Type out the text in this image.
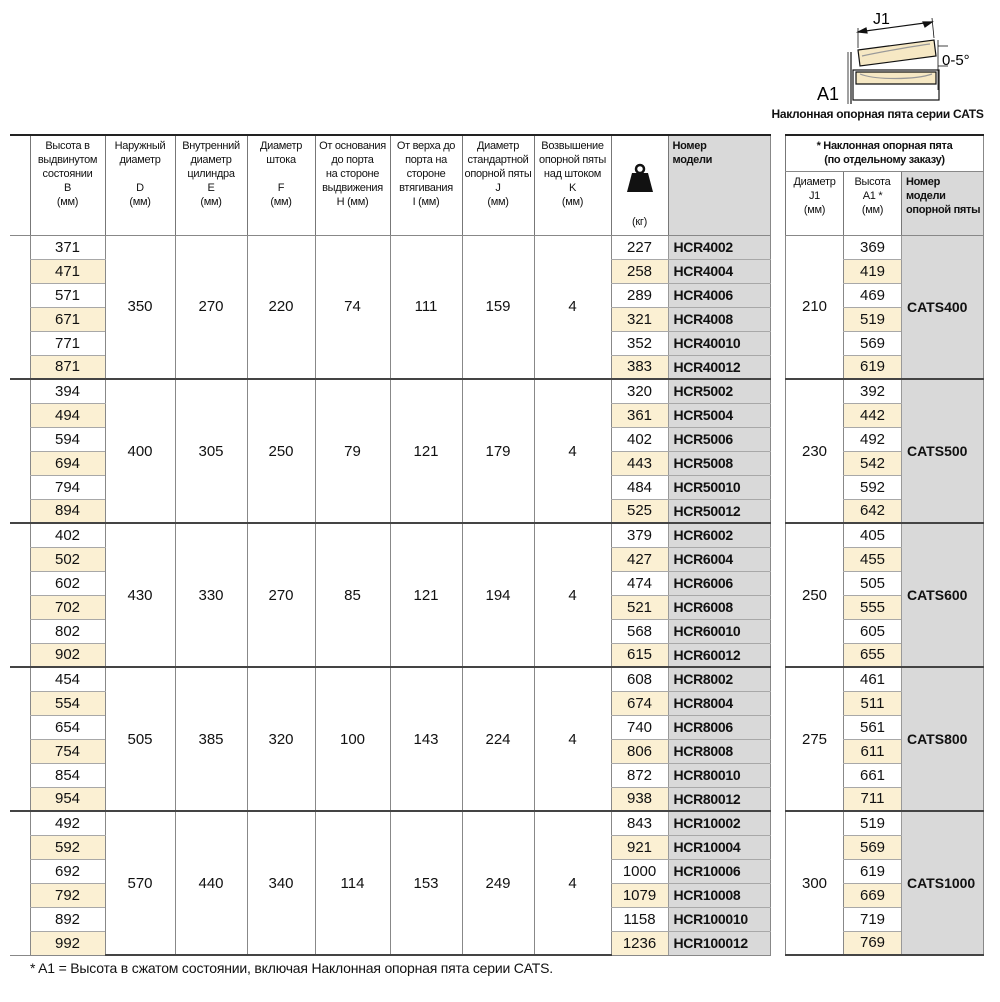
J1
0-5°
A1
Наклонная опорная пята серии CATS

	Высота в
выдвинутом
состоянии
B
(мм)	Наружный
диаметр

D
(мм)	Внутренний
диаметр
цилиндра
E
(мм)	Диаметр
штока

F
(мм)	От основания
до порта
на стороне
выдвижения
H (мм)	От верха до
порта на
стороне
втягивания
I (мм)	Диаметр
стандартной
опорной пяты
J
(мм)	Возвышение
опорной пяты
над штоком
K
(мм)	(кг)	Номер
модели

	371	350	270	220	74	111	159	4	227	HCR4002
	471								258	HCR4004
	571								289	HCR4006
	671								321	HCR4008
	771								352	HCR40010
	871								383	HCR40012
	394	400	305	250	79	121	179	4	320	HCR5002
	494								361	HCR5004
	594								402	HCR5006
	694								443	HCR5008
	794								484	HCR50010
	894								525	HCR50012
	402	430	330	270	85	121	194	4	379	HCR6002
	502								427	HCR6004
	602								474	HCR6006
	702								521	HCR6008
	802								568	HCR60010
	902								615	HCR60012
	454	505	385	320	100	143	224	4	608	HCR8002
	554								674	HCR8004
	654								740	HCR8006
	754								806	HCR8008
	854								872	HCR80010
	954								938	HCR80012
	492	570	440	340	114	153	249	4	843	HCR10002
	592								921	HCR10004
	692								1000	HCR10006
	792								1079	HCR10008
	892								1158	HCR100010
	992								1236	HCR100012
* Наклонная опорная пята
(по отдельному заказу)		

Диаметр
J1
(мм)	Высота
A1 *
(мм)	Номер
модели
опорной пяты

210	369	CATS400
	419	
	469	
	519	
	569	
	619	
230	392	CATS500
	442	
	492	
	542	
	592	
	642	
250	405	CATS600
	455	
	505	
	555	
	605	
	655	
275	461	CATS800
	511	
	561	
	611	
	661	
	711	
300	519	CATS1000
	569	
	619	
	669	
	719	
	769	
* A1 = Высота в сжатом состоянии, включая Наклонная опорная пята серии CATS.
